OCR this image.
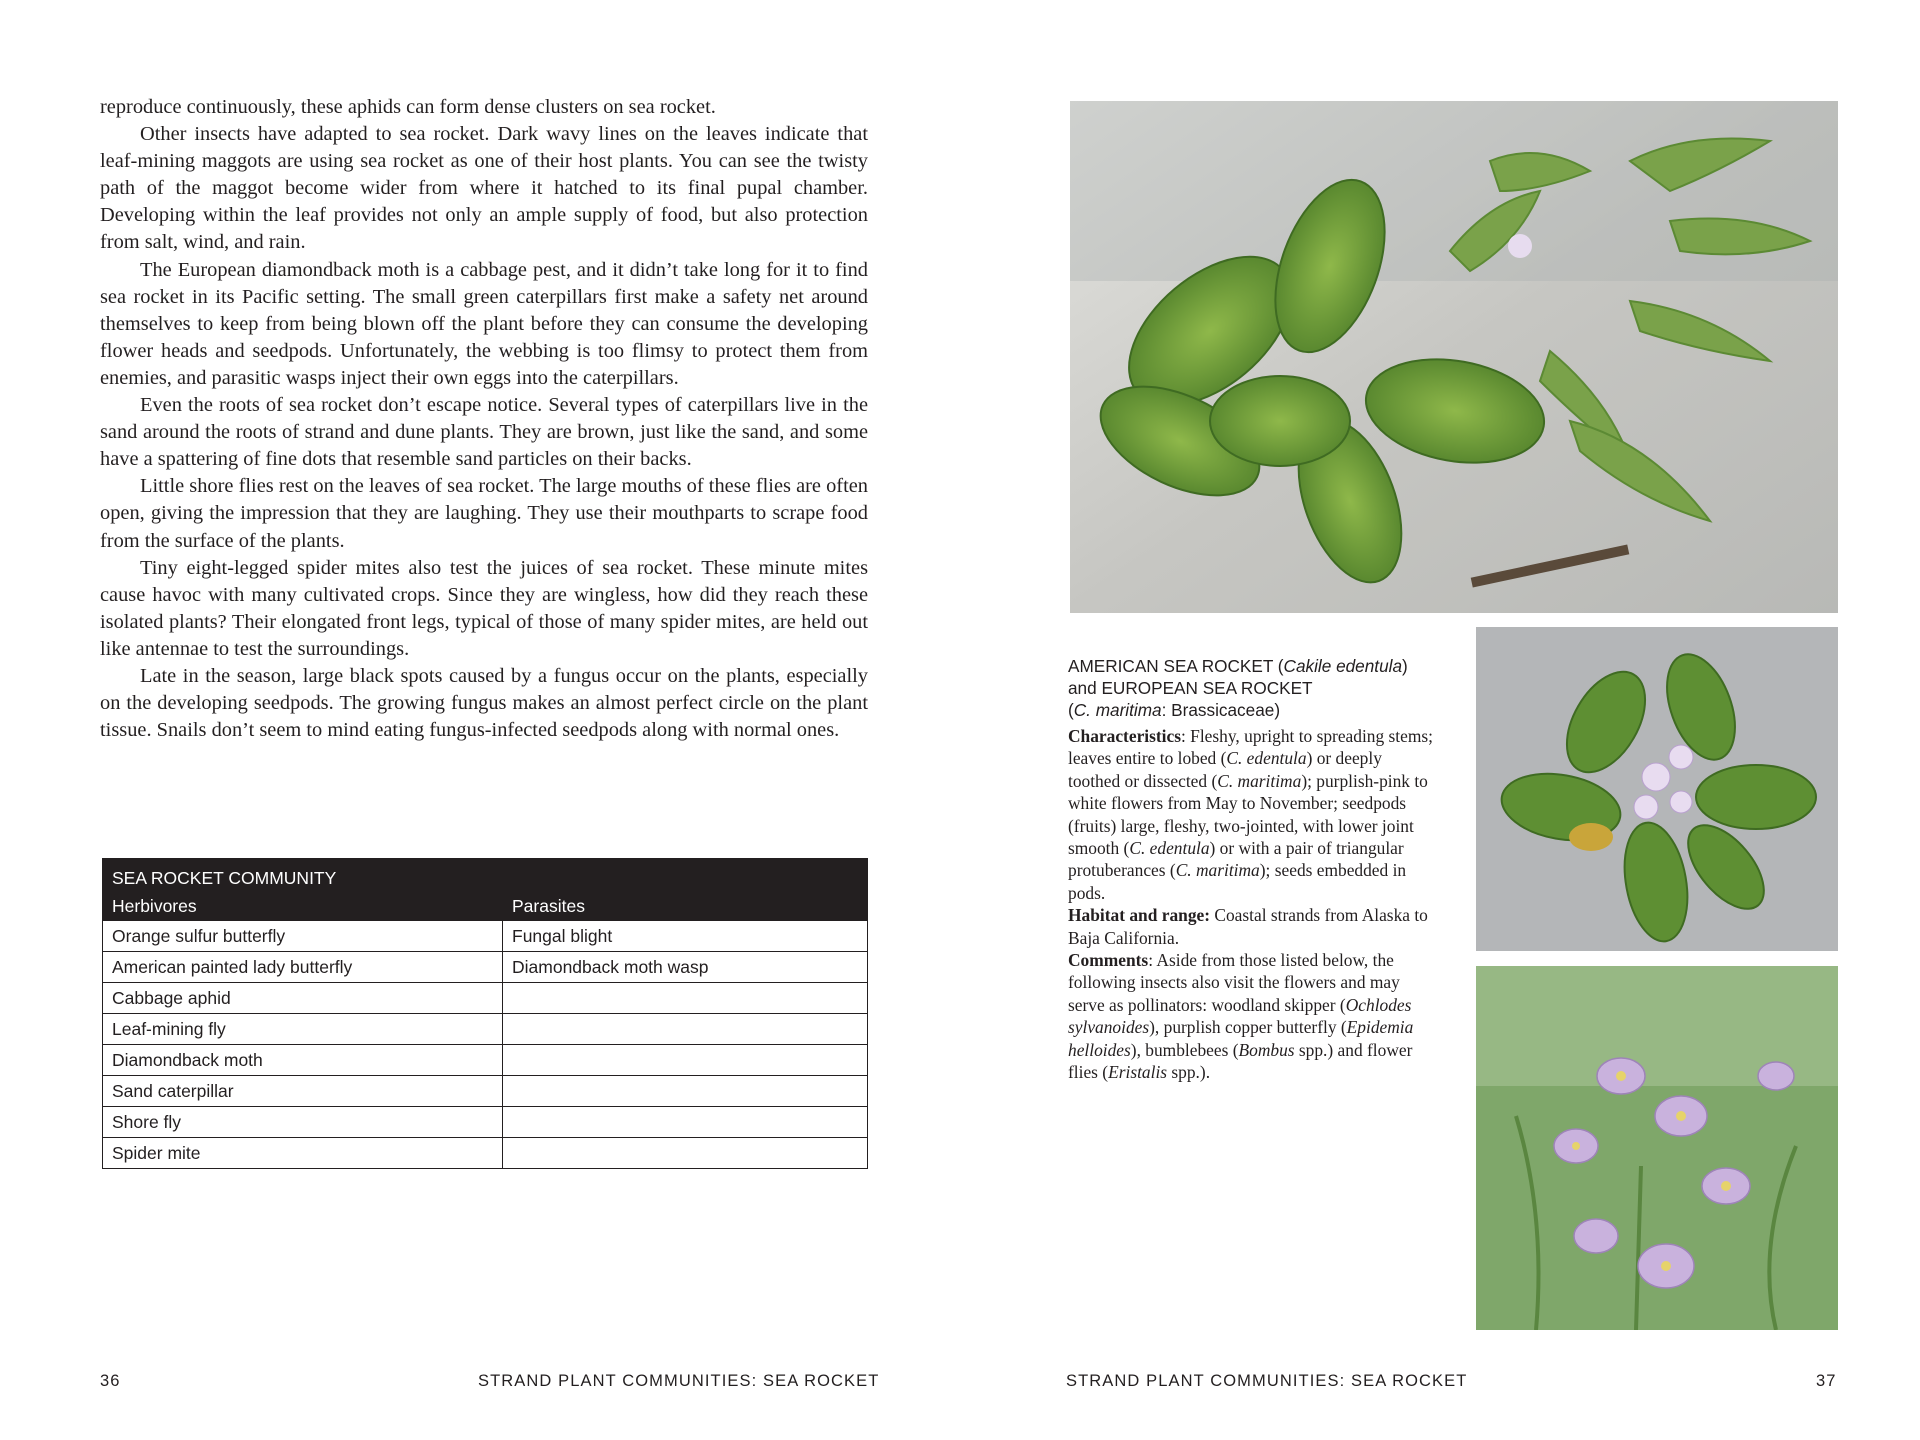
reproduce continuously, these aphids can form dense clusters on sea rocket.

Other insects have adapted to sea rocket. Dark wavy lines on the leaves indicate that leaf-mining maggots are using sea rocket as one of their host plants. You can see the twisty path of the maggot become wider from where it hatched to its final pupal chamber. Developing within the leaf provides not only an ample supply of food, but also protection from salt, wind, and rain.

The European diamondback moth is a cabbage pest, and it didn’t take long for it to find sea rocket in its Pacific setting. The small green caterpillars first make a safety net around themselves to keep from being blown off the plant before they can consume the developing flower heads and seedpods. Unfortunately, the webbing is too flimsy to protect them from enemies, and parasitic wasps inject their own eggs into the caterpillars.

Even the roots of sea rocket don’t escape notice. Several types of caterpillars live in the sand around the roots of strand and dune plants. They are brown, just like the sand, and some have a spattering of fine dots that resemble sand particles on their backs.

Little shore flies rest on the leaves of sea rocket. The large mouths of these flies are often open, giving the impression that they are laughing. They use their mouthparts to scrape food from the surface of the plants.

Tiny eight-legged spider mites also test the juices of sea rocket. These minute mites cause havoc with many cultivated crops. Since they are wingless, how did they reach these isolated plants? Their elongated front legs, typical of those of many spider mites, are held out like antennae to test the surroundings.

Late in the season, large black spots caused by a fungus occur on the plants, especially on the developing seedpods. The growing fungus makes an almost perfect circle on the plant tissue. Snails don’t seem to mind eating fungus-infected seedpods along with normal ones.

SEA ROCKET COMMUNITY	
Herbivores	Parasites
Orange sulfur butterfly	Fungal blight
American painted lady butterfly	Diamondback moth wasp
Cabbage aphid	
Leaf-mining fly	
Diamondback moth	
Sand caterpillar	
Shore fly	
Spider mite	
36	STRAND PLANT COMMUNITIES: SEA ROCKET
AMERICAN SEA ROCKET (Cakile edentula) and EUROPEAN SEA ROCKET
(C. maritima: Brassicaceae)

Characteristics: Fleshy, upright to spreading stems; leaves entire to lobed (C. edentula) or deeply toothed or dissected (C. maritima); purplish-pink to white flowers from May to November; seedpods (fruits) large, fleshy, two-jointed, with lower joint smooth (C. edentula) or with a pair of triangular protuberances (C. maritima); seeds embedded in pods.

Habitat and range: Coastal strands from Alaska to Baja California.

Comments: Aside from those listed below, the following insects also visit the flowers and may serve as pollinators: woodland skipper (Ochlodes sylvanoides), purplish copper butterfly (Epidemia helloides), bumblebees (Bombus spp.) and flower flies (Eristalis spp.).

STRAND PLANT COMMUNITIES: SEA ROCKET	37
